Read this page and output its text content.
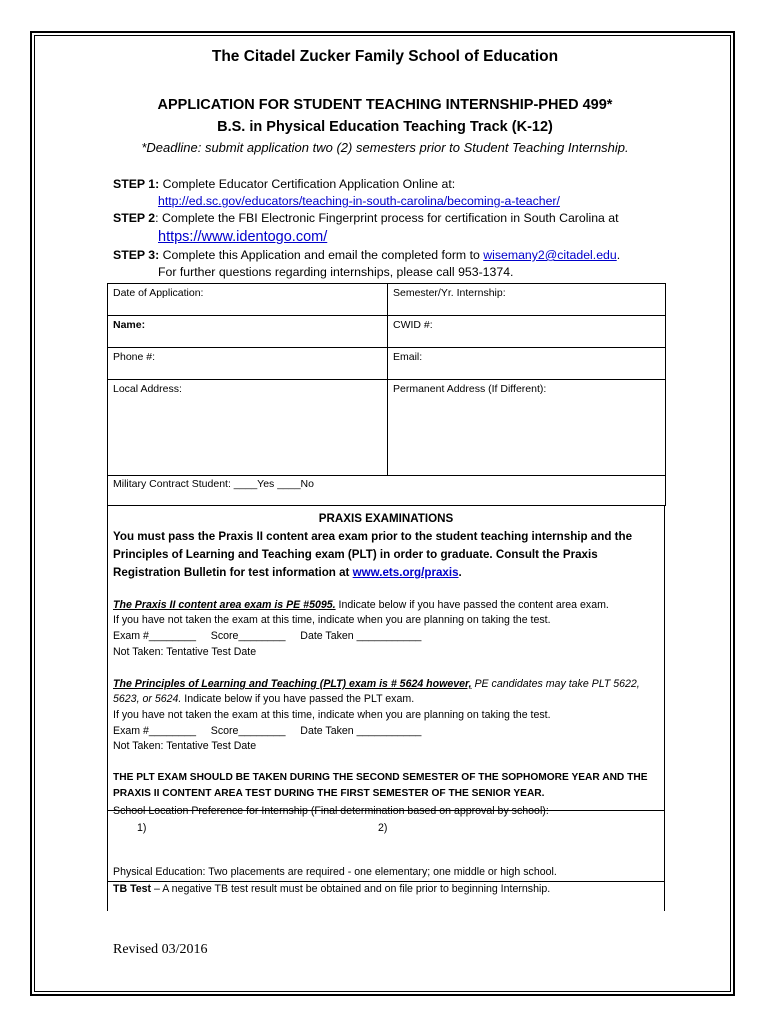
The Citadel Zucker Family School of Education
APPLICATION FOR STUDENT TEACHING INTERNSHIP-PHED 499*
B.S. in Physical Education Teaching Track (K-12)
*Deadline: submit application two (2) semesters prior to Student Teaching Internship.
STEP 1: Complete Educator Certification Application Online at:
http://ed.sc.gov/educators/teaching-in-south-carolina/becoming-a-teacher/
STEP 2: Complete the FBI Electronic Fingerprint process for certification in South Carolina at
https://www.identogo.com/
STEP 3: Complete this Application and email the completed form to wisemany2@citadel.edu.
For further questions regarding internships, please call 953-1374.
Date of Application:	Semester/Yr. Internship:
Name:	CWID #:
Phone #:	Email:
Local Address:	Permanent Address (If Different):
Military Contract Student: ____Yes ____No	
PRAXIS EXAMINATIONS
You must pass the Praxis II content area exam prior to the student teaching internship and the
Principles of Learning and Teaching exam (PLT) in order to graduate. Consult the Praxis
Registration Bulletin for test information at www.ets.org/praxis.
The Praxis II content area exam is PE #5095. Indicate below if you have passed the content area exam.
If you have not taken the exam at this time, indicate when you are planning on taking the test.
Exam #________     Score________     Date Taken ___________
Not Taken: Tentative Test Date
The Principles of Learning and Teaching (PLT) exam is # 5624 however, PE candidates may take PLT 5622,
5623, or 5624. Indicate below if you have passed the PLT exam.
If you have not taken the exam at this time, indicate when you are planning on taking the test.
Exam #________     Score________     Date Taken ___________
Not Taken: Tentative Test Date
THE PLT EXAM SHOULD BE TAKEN DURING THE SECOND SEMESTER OF THE SOPHOMORE YEAR AND THE
PRAXIS II CONTENT AREA TEST DURING THE FIRST SEMESTER OF THE SENIOR YEAR.
School Location Preference for Internship (Final determination based on approval by school):
1)	2)
Physical Education: Two placements are required - one elementary; one middle or high school.
TB Test – A negative TB test result must be obtained and on file prior to beginning Internship.
Revised 03/2016
